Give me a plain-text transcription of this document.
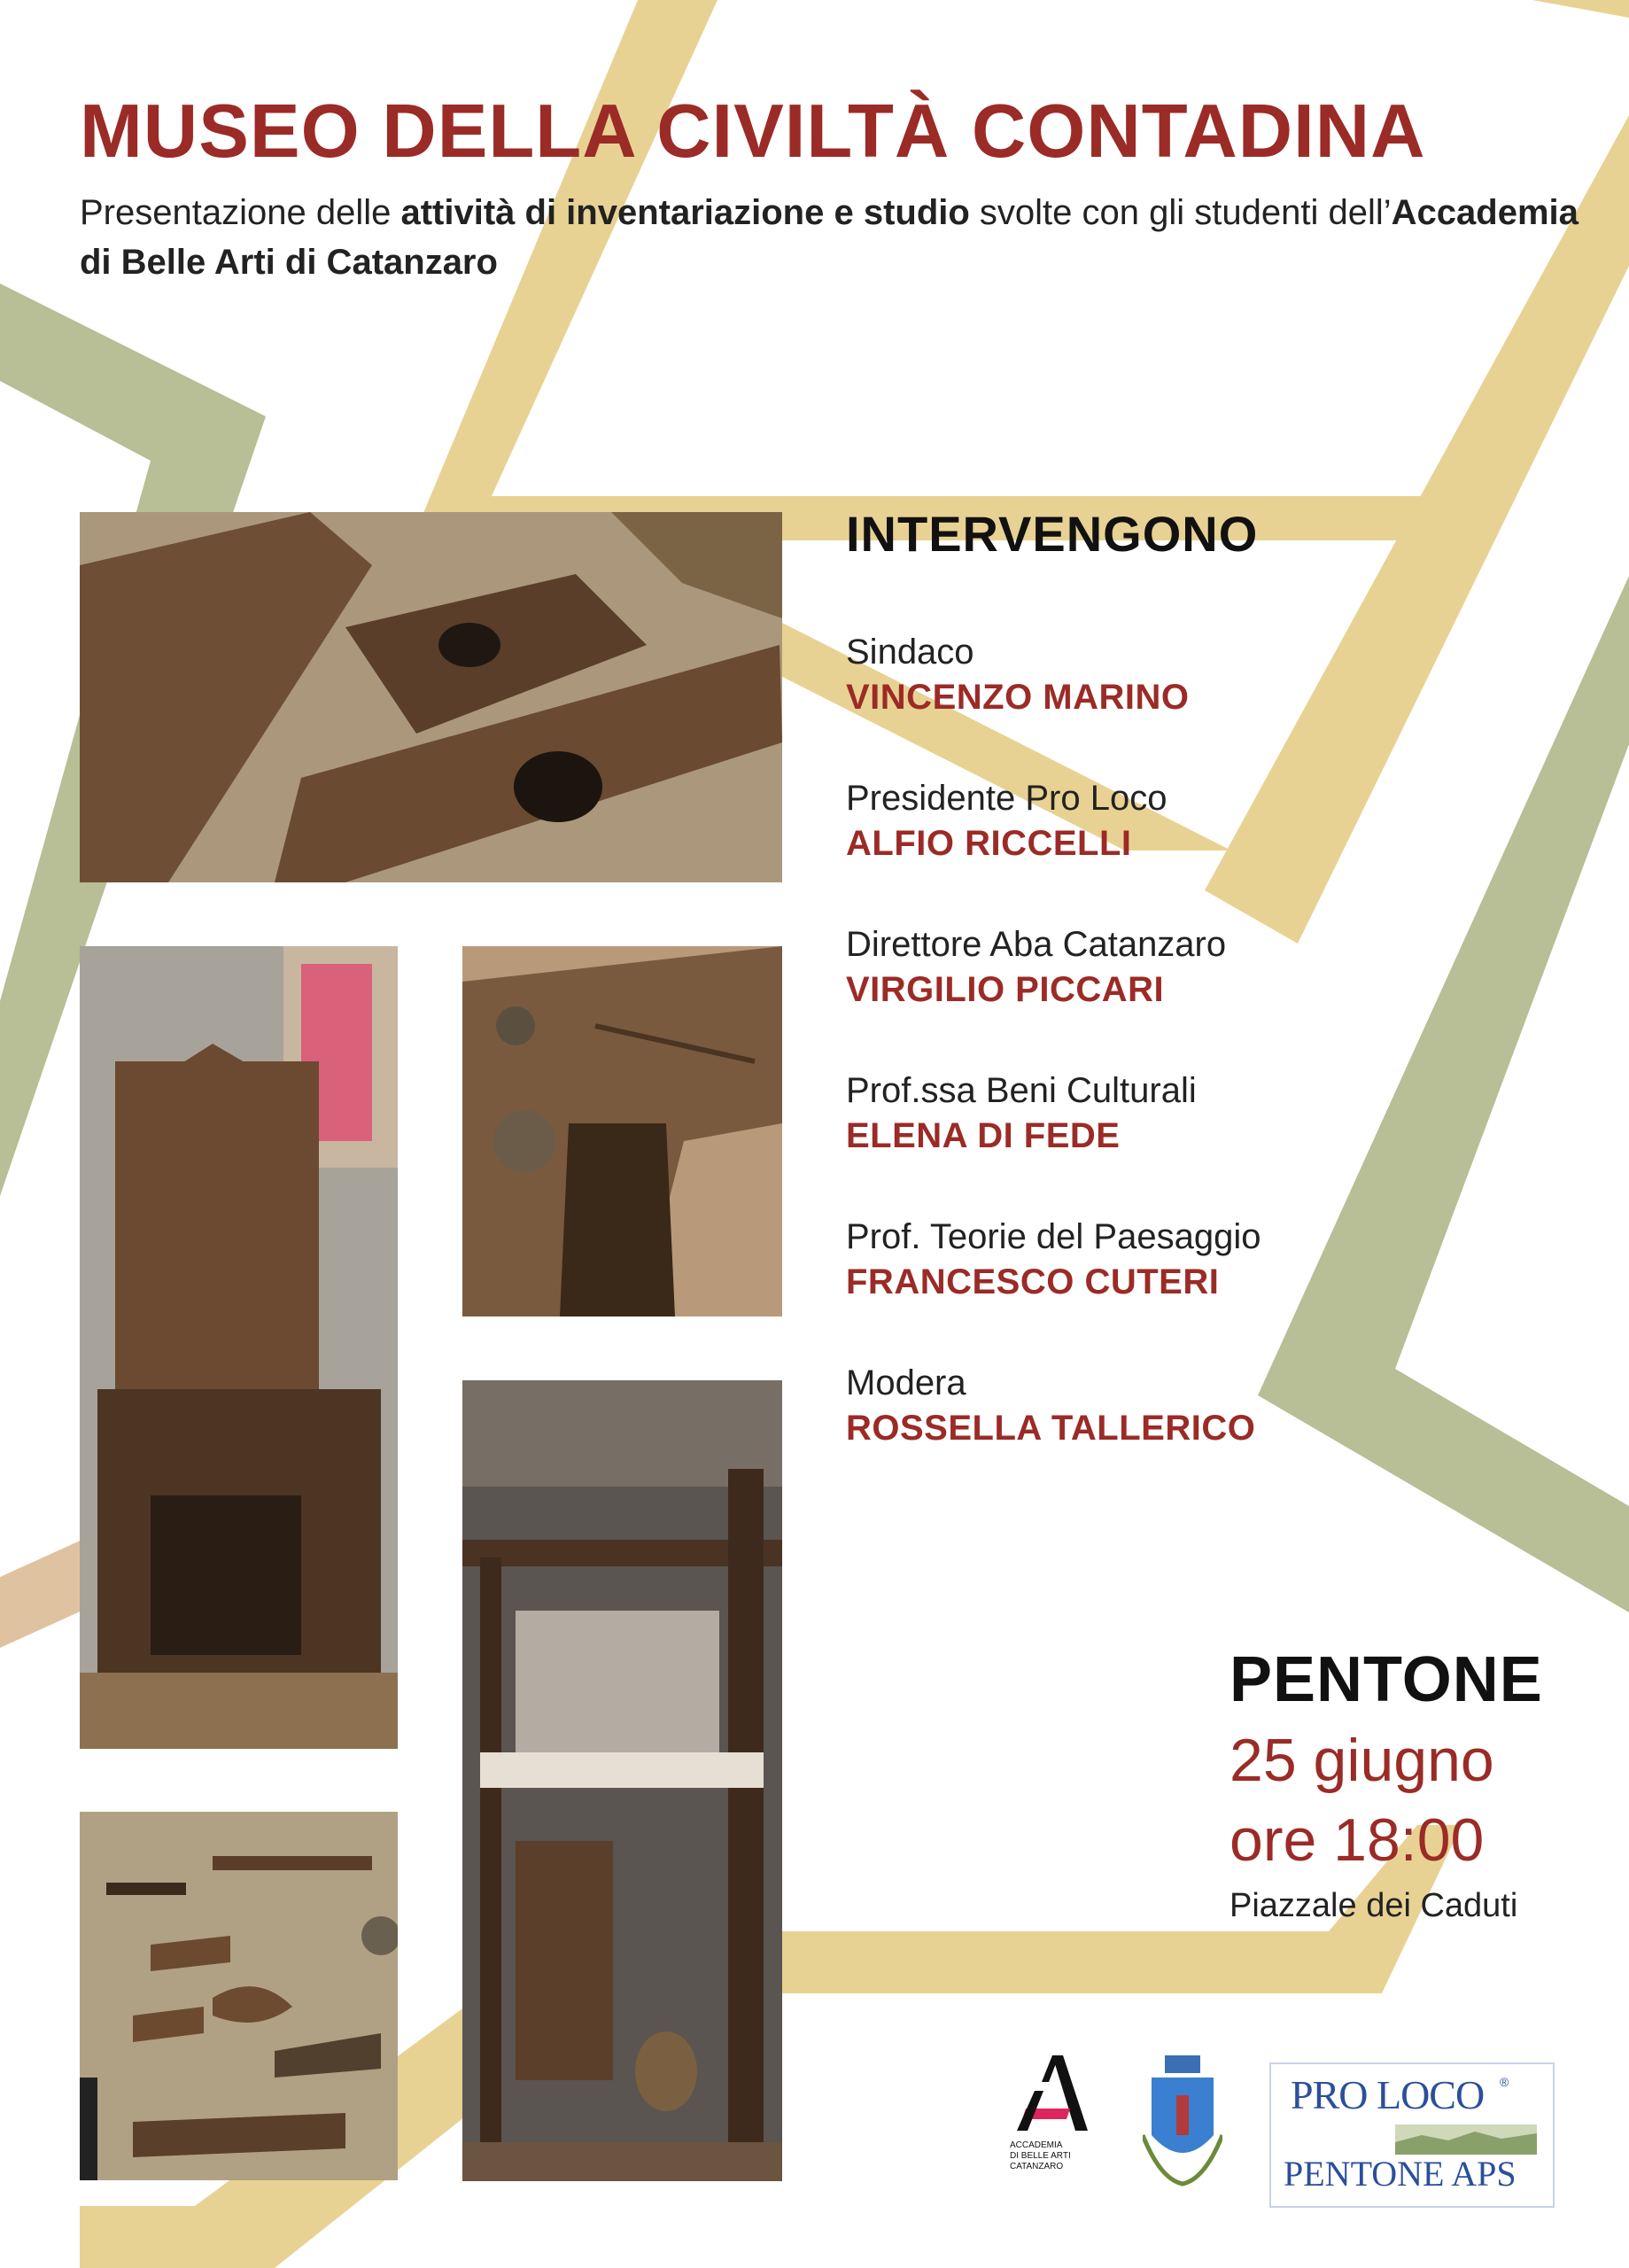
MUSEO DELLA CIVILTÀ CONTADINA

Presentazione delle attività di inventariazione e studio svolte con gli studenti dell’Accademia di Belle Arti di Catanzaro

INTERVENGONO
Sindaco
VINCENZO MARINO
Presidente Pro Loco
ALFIO RICCELLI
Direttore Aba Catanzaro
VIRGILIO PICCARI
Prof.ssa Beni Culturali
ELENA DI FEDE
Prof. Teorie del Paesaggio
FRANCESCO CUTERI
Modera
ROSSELLA TALLERICO
PENTONE
25 giugno
ore 18:00
Piazzale dei Caduti
ACCADEMIA
DI BELLE ARTI
CATANZARO
PRO LOCO ®
PENTONE APS
